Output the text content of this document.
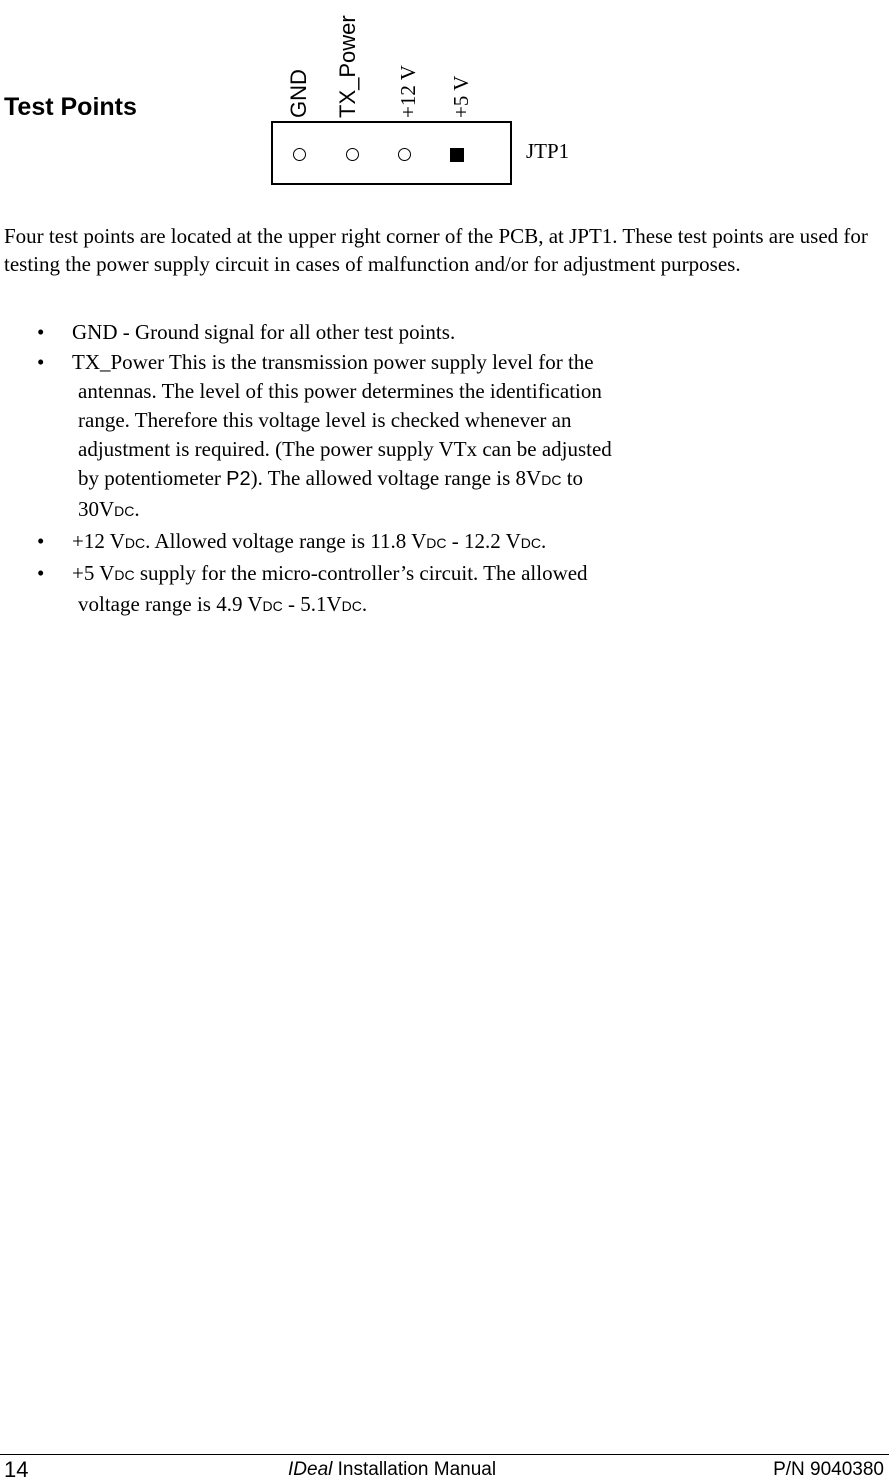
Test Points	GND TX_Power +12 V +5 V
JTP1

Four test points are located at the upper right corner of the PCB, at JPT1. These test points are used for testing the power supply circuit in cases of malfunction and/or for adjustment purposes.

• GND - Ground signal for all other test points.
• TX_Power This is the transmission power supply level for the
antennas. The level of this power determines the identification
range. Therefore this voltage level is checked whenever an
adjustment is required. (The power supply VTx can be adjusted
by potentiometer P2). The allowed voltage range is 8VDC to
30VDC.
• +12 VDC. Allowed voltage range is 11.8 VDC - 12.2 VDC.
• +5 VDC supply for the micro-controller’s circuit. The allowed
voltage range is 4.9 VDC - 5.1VDC.
14	IDeal Installation Manual	P/N 9040380
